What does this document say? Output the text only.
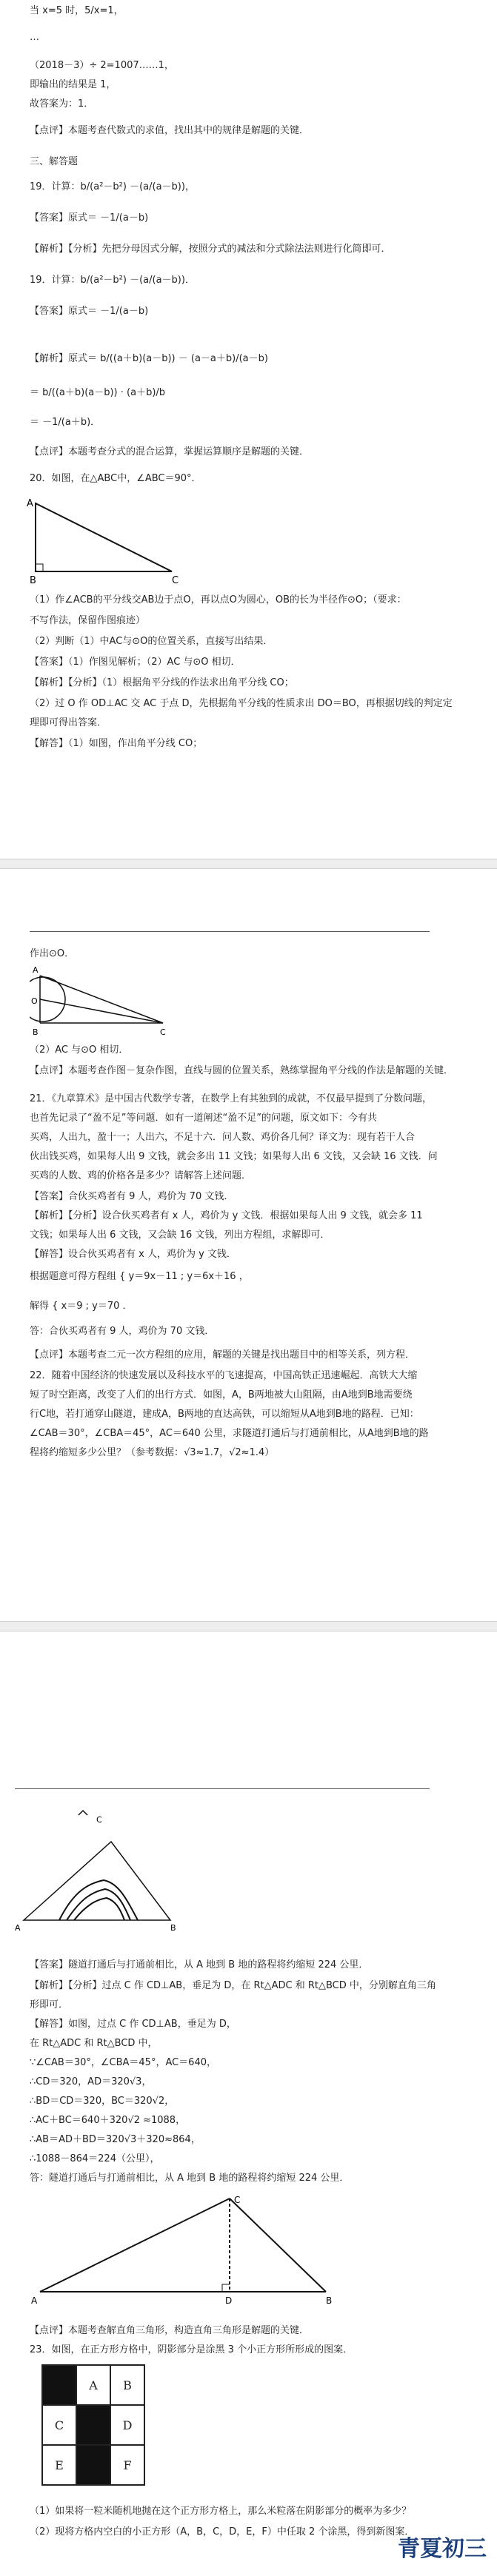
当 x=5 时，5/x=1，
…
（2018－3）÷ 2=1007……1，
即输出的结果是 1，
故答案为：1．
【点评】本题考查代数式的求值，找出其中的规律是解题的关键．
三、解答题
19．计算：b/(a²－b²) －(a/(a－b))，
【答案】原式＝ －1/(a－b)
【解析】【分析】先把分母因式分解，按照分式的减法和分式除法法则进行化简即可．
19．计算：b/(a²－b²) －(a/(a－b))．
【答案】原式＝ －1/(a－b)
【解析】原式＝ b/((a＋b)(a－b)) － (a－a＋b)/(a－b)
＝ b/((a＋b)(a－b)) · (a＋b)/b
＝ －1/(a＋b)．
【点评】本题考查分式的混合运算，掌握运算顺序是解题的关键．
20．如图，在△ABC中，∠ABC＝90°．
A
B	C
（1）作∠ACB的平分线交AB边于点O，再以点O为圆心，OB的长为半径作⊙O；（要求：
不写作法，保留作图痕迹）
（2）判断（1）中AC与⊙O的位置关系，直接写出结果．
【答案】（1）作图见解析；（2）AC 与⊙O 相切．
【解析】【分析】（1）根据角平分线的作法求出角平分线 CO；
（2）过 O 作 OD⊥AC 交 AC 于点 D，先根据角平分线的性质求出 DO＝BO，再根据切线的判定定
理即可得出答案．
【解答】（1）如图，作出角平分线 CO；
作出⊙O．
A
O
B	C
（2）AC 与⊙O 相切．
【点评】本题考查作图－复杂作图，直线与圆的位置关系，熟练掌握角平分线的作法是解题的关键．
21．《九章算术》是中国古代数学专著，在数学上有其独到的成就，不仅最早提到了分数问题，
也首先记录了“盈不足”等问题．如有一道阐述“盈不足”的问题，原文如下：今有共
买鸡，人出九，盈十一；人出六，不足十六．问人数、鸡价各几何？译文为：现有若干人合
伙出钱买鸡，如果每人出 9 文钱，就会多出 11 文钱；如果每人出 6 文钱，又会缺 16 文钱．问
买鸡的人数、鸡的价格各是多少？请解答上述问题．
【答案】合伙买鸡者有 9 人，鸡价为 70 文钱．
【解析】【分析】设合伙买鸡者有 x 人，鸡价为 y 文钱．根据如果每人出 9 文钱，就会多 11
文钱；如果每人出 6 文钱，又会缺 16 文钱，列出方程组，求解即可．
【解答】设合伙买鸡者有 x 人，鸡价为 y 文钱．
根据题意可得方程组 { y＝9x－11 ; y＝6x＋16 ，
解得 { x＝9 ; y＝70 ．
答：合伙买鸡者有 9 人，鸡价为 70 文钱．
【点评】本题考查二元一次方程组的应用，解题的关键是找出题目中的相等关系，列方程．
22．随着中国经济的快速发展以及科技水平的飞速提高，中国高铁正迅速崛起．高铁大大缩
短了时空距离，改变了人们的出行方式．如图，A，B两地被大山阻隔，由A地到B地需要绕
行C地，若打通穿山隧道，建成A，B两地的直达高铁，可以缩短从A地到B地的路程．已知：
∠CAB＝30°，∠CBA＝45°，AC＝640 公里，求隧道打通后与打通前相比，从A地到B地的路
程将约缩短多少公里？（参考数据：√3≈1.7，√2≈1.4）
C
A	B
【答案】隧道打通后与打通前相比，从 A 地到 B 地的路程将约缩短 224 公里．
【解析】【分析】过点 C 作 CD⊥AB，垂足为 D，在 Rt△ADC 和 Rt△BCD 中，分别解直角三角
形即可．
【解答】如图，过点 C 作 CD⊥AB，垂足为 D，
在 Rt△ADC 和 Rt△BCD 中，
∵∠CAB＝30°，∠CBA＝45°，AC＝640，
∴CD＝320，AD＝320√3，
∴BD＝CD＝320，BC＝320√2，
∴AC＋BC＝640＋320√2 ≈1088，
∴AB＝AD＋BD＝320√3＋320≈864，
∴1088－864＝224（公里），
答：隧道打通后与打通前相比，从 A 地到 B 地的路程将约缩短 224 公里．
C
A	D	B
【点评】本题考查解直角三角形，构造直角三角形是解题的关键．
23．如图，在正方形方格中，阴影部分是涂黑 3 个小正方形所形成的图案．
	A	B
C		D
E		F
（1）如果将一粒米随机地抛在这个正方形方格上，那么米粒落在阴影部分的概率为多少？
（2）现将方格内空白的小正方形（A，B，C，D，E，F）中任取 2 个涂黑，得到新图案．
青夏初三
